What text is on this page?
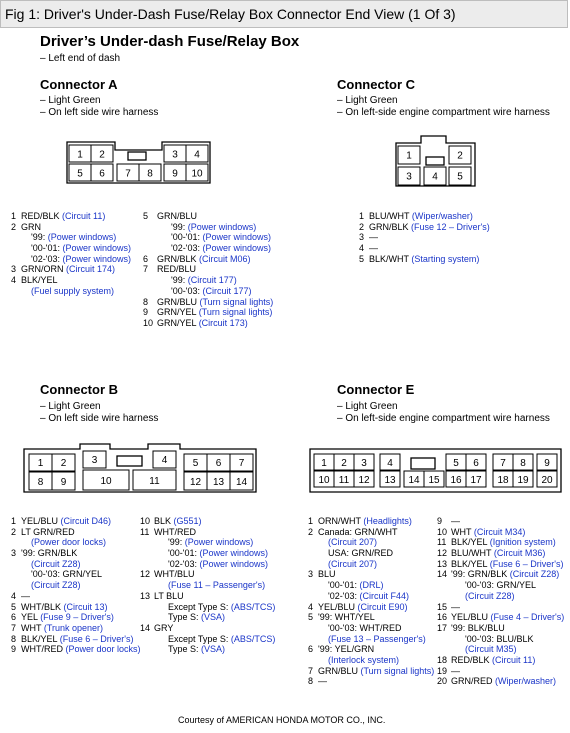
Fig 1: Driver's Under-Dash Fuse/Relay Box Connector End View (1 Of 3)
Driver’s Under-dash Fuse/Relay Box
– Left end of dash
Connector A
– Light Green
– On left side wire harness
Connector C
– Light Green
– On left-side engine compartment wire harness
Connector B
– Light Green
– On left side wire harness
Connector E
– Light Green
– On left-side engine compartment wire harness
1 2	3 4
5 6 7 8 9 10
1	2
3 4 5
1 2	3	4	5 6 7
8 9	10	11	12 13 14
1 2 3 4	5 6 7 8 9
10 11 12 13 14 15 16 17 18 19 20
1 RED/BLK (Circuit 11)
2 GRN
'99: (Power windows)
'00-'01: (Power windows)
'02-'03: (Power windows)
3 GRN/ORN (Circuit 174)
4 BLK/YEL
(Fuel supply system)
5 GRN/BLU
'99: (Power windows)
'00-'01: (Power windows)
'02-'03: (Power windows)
6 GRN/BLK (Circuit M06)
7 RED/BLU
'99: (Circuit 177)
'00-'03: (Circuit 177)
8 GRN/BLU (Turn signal lights)
9 GRN/YEL (Turn signal lights)
10 GRN/YEL (Circuit 173)
1 BLU/WHT (Wiper/washer)
2 GRN/BLK (Fuse 12 – Driver's)
3 —
4 —
5 BLK/WHT (Starting system)
1 YEL/BLU (Circuit D46)
2 LT GRN/RED
(Power door locks)
3 '99: GRN/BLK
(Circuit Z28)
'00-'03: GRN/YEL
(Circuit Z28)
4 —
5 WHT/BLK (Circuit 13)
6 YEL (Fuse 9 – Driver's)
7 WHT (Trunk opener)
8 BLK/YEL (Fuse 6 – Driver's)
9 WHT/RED (Power door locks)
10 BLK (G551)
11 WHT/RED
'99: (Power windows)
'00-'01: (Power windows)
'02-'03: (Power windows)
12 WHT/BLU
(Fuse 11 – Passenger's)
13 LT BLU
Except Type S: (ABS/TCS)
Type S: (VSA)
14 GRY
Except Type S: (ABS/TCS)
Type S: (VSA)
1 ORN/WHT (Headlights)
2 Canada: GRN/WHT
(Circuit 207)
USA: GRN/RED
(Circuit 207)
3 BLU
'00-'01: (DRL)
'02-'03: (Circuit F44)
4 YEL/BLU (Circuit E90)
5 '99: WHT/YEL
'00-'03: WHT/RED
(Fuse 13 – Passenger's)
6 '99: YEL/GRN
(Interlock system)
7 GRN/BLU (Turn signal lights)
8 —
9 —
10 WHT (Circuit M34)
11 BLK/YEL (Ignition system)
12 BLU/WHT (Circuit M36)
13 BLK/YEL (Fuse 6 – Driver's)
14 '99: GRN/BLK (Circuit Z28)
'00-'03: GRN/YEL
(Circuit Z28)
15 —
16 YEL/BLU (Fuse 4 – Driver's)
17 '99: BLK/BLU
'00-'03: BLU/BLK
(Circuit M35)
18 RED/BLK (Circuit 11)
19 —
20 GRN/RED (Wiper/washer)
Courtesy of AMERICAN HONDA MOTOR CO., INC.
